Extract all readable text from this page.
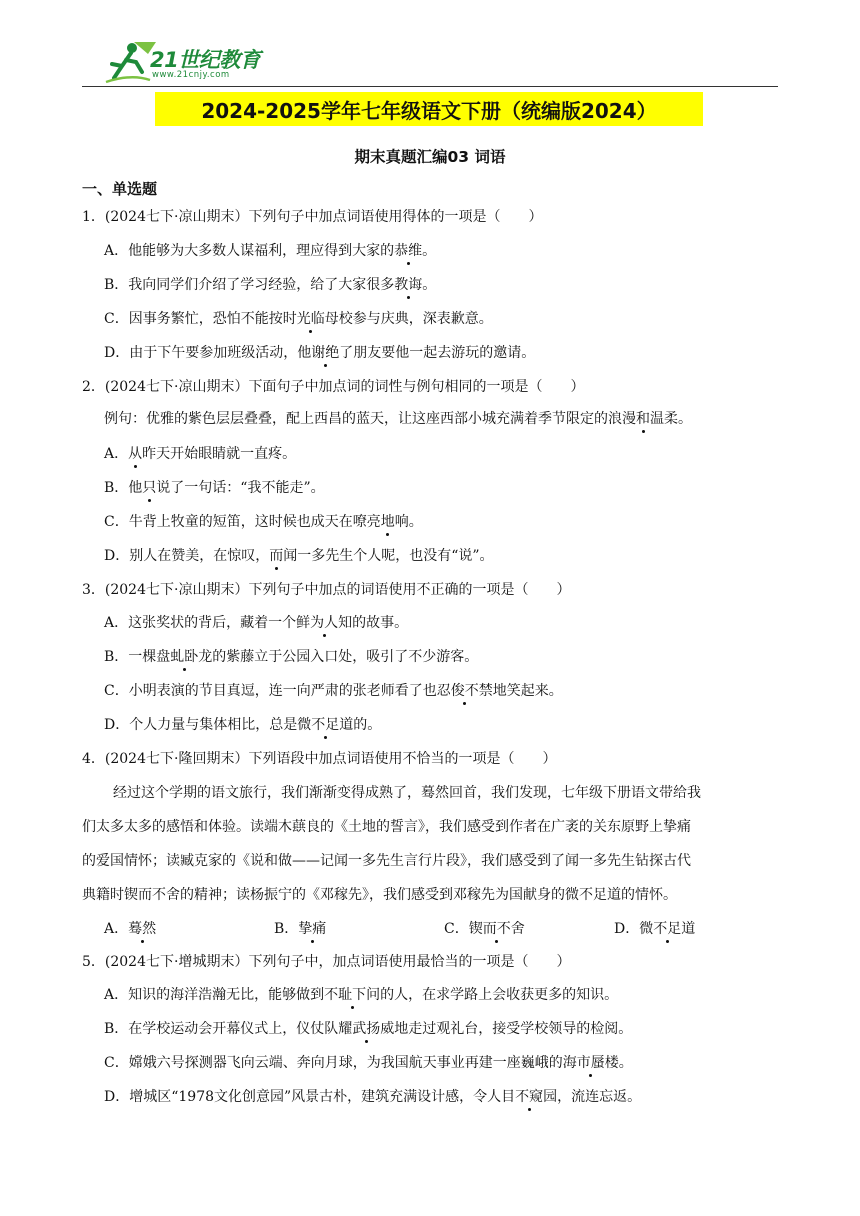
21世纪教育
www.21cnjy.com
2024-2025学年七年级语文下册（统编版2024）
期末真题汇编03 词语
一、单选题
1．(2024七下·凉山期末）下列句子中加点词语使用得体的一项是（　　）
A．他能够为大多数人谋福利，理应得到大家的恭维。
B．我向同学们介绍了学习经验，给了大家很多教诲。
C．因事务繁忙，恐怕不能按时光临母校参与庆典，深表歉意。
D．由于下午要参加班级活动，他谢绝了朋友要他一起去游玩的邀请。
2．(2024七下·凉山期末）下面句子中加点词的词性与例句相同的一项是（　　）
例句：优雅的紫色层层叠叠，配上西昌的蓝天，让这座西部小城充满着季节限定的浪漫和温柔。
A．从昨天开始眼睛就一直疼。
B．他只说了一句话：“我不能走”。
C．牛背上牧童的短笛，这时候也成天在嘹亮地响。
D．别人在赞美，在惊叹，而闻一多先生个人呢，也没有“说”。
3．(2024七下·凉山期末）下列句子中加点的词语使用不正确的一项是（　　）
A．这张奖状的背后，藏着一个鲜为人知的故事。
B．一棵盘虬卧龙的紫藤立于公园入口处，吸引了不少游客。
C．小明表演的节目真逗，连一向严肃的张老师看了也忍俊不禁地笑起来。
D．个人力量与集体相比，总是微不足道的。
4．(2024七下·隆回期末）下列语段中加点词语使用不恰当的一项是（　　）
经过这个学期的语文旅行，我们渐渐变得成熟了，蓦然回首，我们发现，七年级下册语文带给我
们太多太多的感悟和体验。读端木蕻良的《土地的誓言》，我们感受到作者在广袤的关东原野上挚痛
的爱国情怀；读臧克家的《说和做——记闻一多先生言行片段》，我们感受到了闻一多先生钻探古代
典籍时锲而不舍的精神；读杨振宁的《邓稼先》，我们感受到邓稼先为国献身的微不足道的情怀。
A．蓦然	B．挚痛	C．锲而不舍	D．微不足道
5．(2024七下·增城期末）下列句子中，加点词语使用最恰当的一项是（　　）
A．知识的海洋浩瀚无比，能够做到不耻下问的人，在求学路上会收获更多的知识。
B．在学校运动会开幕仪式上，仪仗队耀武扬威地走过观礼台，接受学校领导的检阅。
C．嫦娥六号探测器飞向云端、奔向月球，为我国航天事业再建一座巍峨的海市蜃楼。
D．增城区“1978文化创意园”风景古朴，建筑充满设计感，令人目不窥园，流连忘返。
